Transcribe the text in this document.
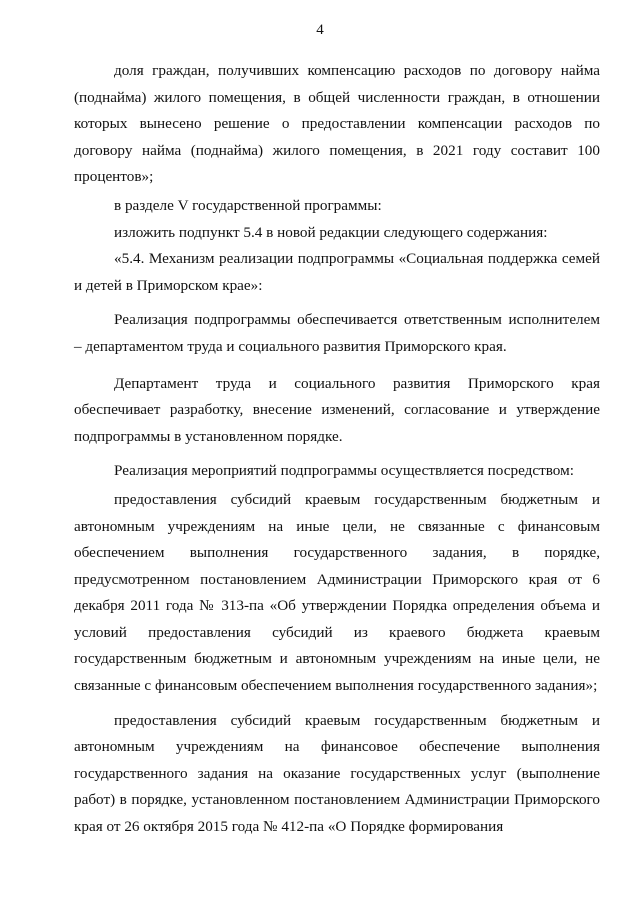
4

доля граждан, получивших компенсацию расходов по договору найма (поднайма) жилого помещения, в общей численности граждан, в отношении которых вынесено решение о предоставлении компенсации расходов по договору найма (поднайма) жилого помещения, в 2021 году составит 100 процентов»;

в разделе V государственной программы:

изложить подпункт 5.4 в новой редакции следующего содержания:

«5.4. Механизм реализации подпрограммы «Социальная поддержка семей и детей в Приморском крае»:

Реализация подпрограммы обеспечивается ответственным исполнителем – департаментом труда и социального развития Приморского края.

Департамент труда и социального развития Приморского края обеспечивает разработку, внесение изменений, согласование и утверждение подпрограммы в установленном порядке.

Реализация мероприятий подпрограммы осуществляется посредством:

предоставления субсидий краевым государственным бюджетным и автономным учреждениям на иные цели, не связанные с финансовым обеспечением выполнения государственного задания, в порядке, предусмотренном постановлением Администрации Приморского края от 6 декабря 2011 года № 313-па «Об утверждении Порядка определения объема и условий предоставления субсидий из краевого бюджета краевым государственным бюджетным и автономным учреждениям на иные цели, не связанные с финансовым обеспечением выполнения государственного задания»;

предоставления субсидий краевым государственным бюджетным и автономным учреждениям на финансовое обеспечение выполнения государственного задания на оказание государственных услуг (выполнение работ) в порядке, установленном постановлением Администрации Приморского края от 26 октября 2015 года № 412-па «О Порядке формирования
